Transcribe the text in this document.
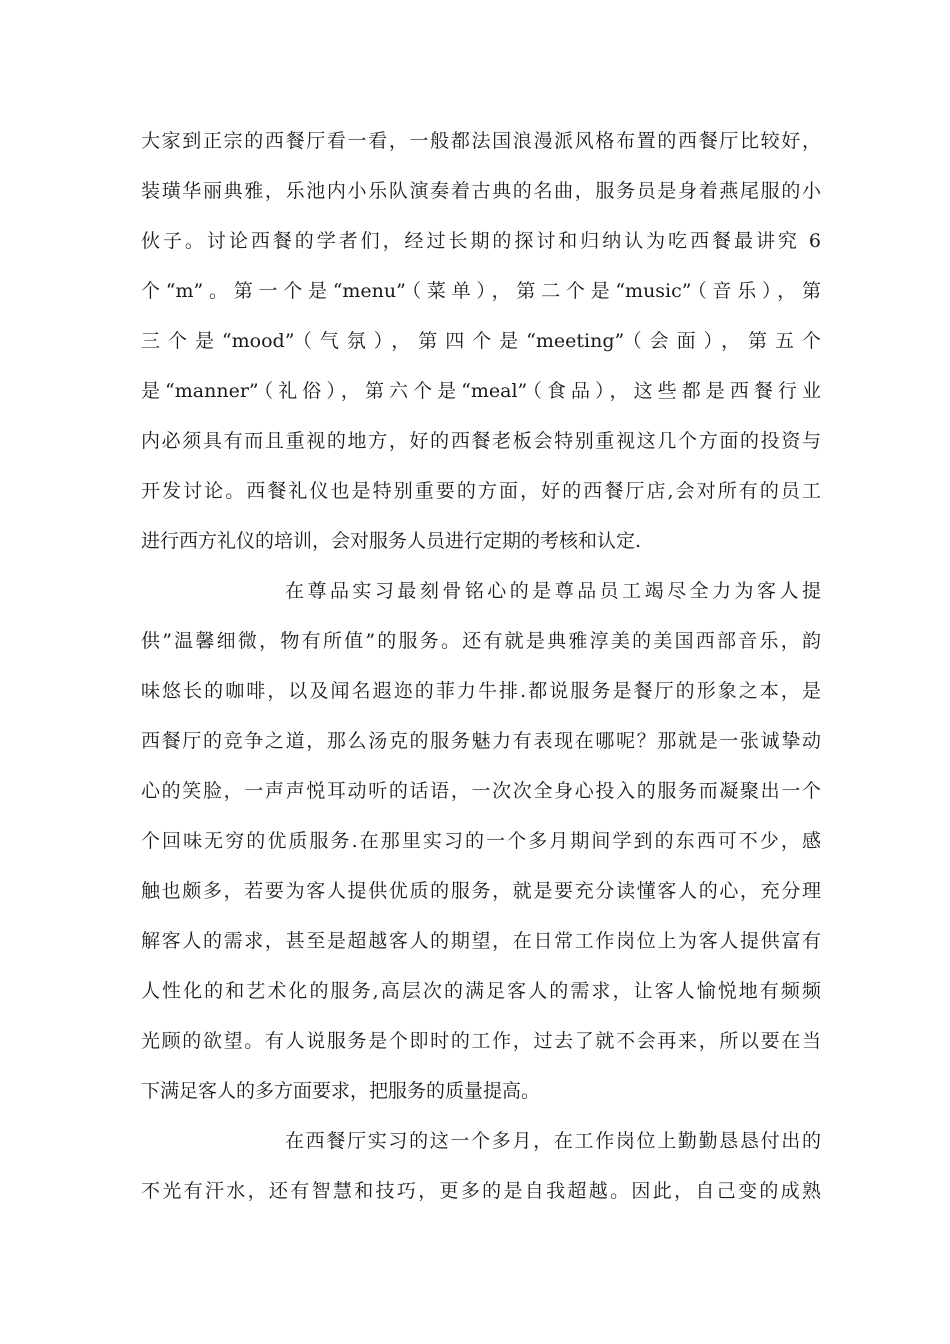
大家到正宗的西餐厅看一看，一般都法国浪漫派风格布置的西餐厅比较好，
装璜华丽典雅，乐池内小乐队演奏着古典的名曲，服务员是身着燕尾服的小
伙子。讨论西餐的学者们，经过长期的探讨和归纳认为吃西餐最讲究 6
个“m”。第一个是“menu”（菜单），第二个是“music”（音乐），第
三个是“mood”（气氛），第四个是“meeting”（会面），第五个
是“manner”（礼俗），第六个是“meal”（食品），这些都是西餐行业
内必须具有而且重视的地方，好的西餐老板会特别重视这几个方面的投资与
开发讨论。西餐礼仪也是特别重要的方面，好的西餐厅店,会对所有的员工
进行西方礼仪的培训，会对服务人员进行定期的考核和认定.
在尊品实习最刻骨铭心的是尊品员工竭尽全力为客人提
供”温馨细微，物有所值”的服务。还有就是典雅淳美的美国西部音乐，韵
味悠长的咖啡，以及闻名遐迩的菲力牛排.都说服务是餐厅的形象之本，是
西餐厅的竞争之道，那么汤克的服务魅力有表现在哪呢？那就是一张诚挚动
心的笑脸，一声声悦耳动听的话语，一次次全身心投入的服务而凝聚出一个
个回味无穷的优质服务.在那里实习的一个多月期间学到的东西可不少，感
触也颇多，若要为客人提供优质的服务，就是要充分读懂客人的心，充分理
解客人的需求，甚至是超越客人的期望，在日常工作岗位上为客人提供富有
人性化的和艺术化的服务,高层次的满足客人的需求，让客人愉悦地有频频
光顾的欲望。有人说服务是个即时的工作，过去了就不会再来，所以要在当
下满足客人的多方面要求，把服务的质量提高。
在西餐厅实习的这一个多月，在工作岗位上勤勤恳恳付出的
不光有汗水，还有智慧和技巧，更多的是自我超越。因此，自己变的成熟
